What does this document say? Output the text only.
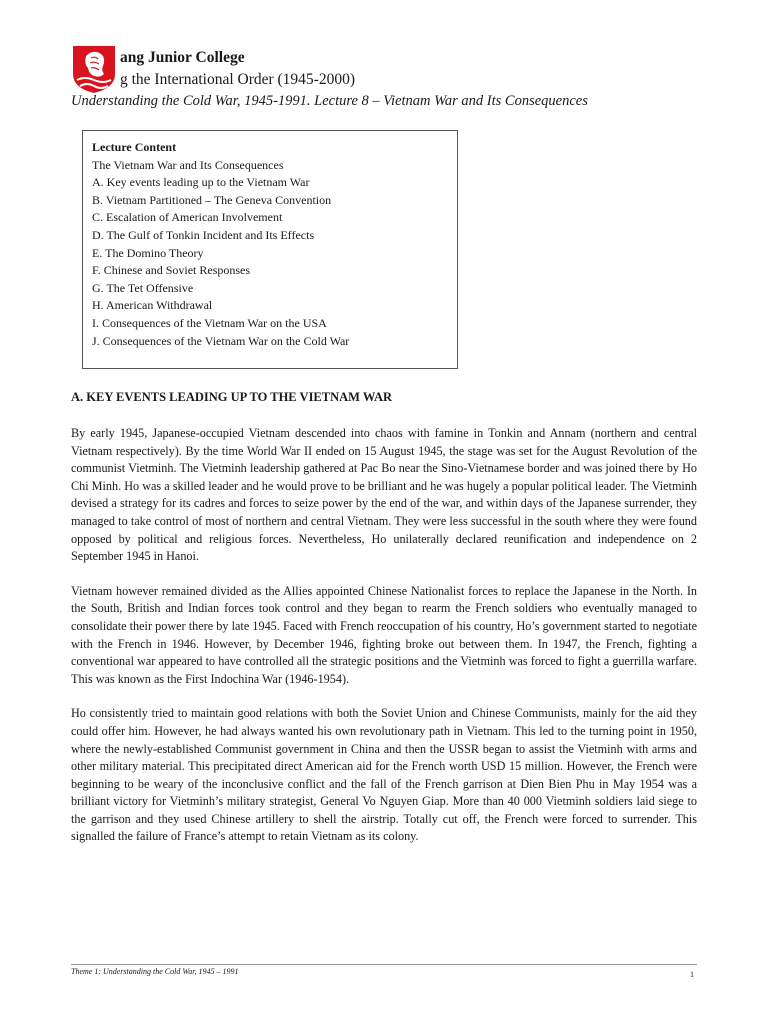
ang Junior College
g the International Order (1945-2000)
Understanding the Cold War, 1945-1991. Lecture 8 – Vietnam War and Its Consequences
Lecture Content
The Vietnam War and Its Consequences
A. Key events leading up to the Vietnam War
B. Vietnam Partitioned – The Geneva Convention
C. Escalation of American Involvement
D. The Gulf of Tonkin Incident and Its Effects
E. The Domino Theory
F. Chinese and Soviet Responses
G. The Tet Offensive
H. American Withdrawal
I. Consequences of the Vietnam War on the USA
J. Consequences of the Vietnam War on the Cold War
A. KEY EVENTS LEADING UP TO THE VIETNAM WAR

By early 1945, Japanese-occupied Vietnam descended into chaos with famine in Tonkin and Annam (northern and central Vietnam respectively). By the time World War II ended on 15 August 1945, the stage was set for the August Revolution of the communist Vietminh. The Vietminh leadership gathered at Pac Bo near the Sino-Vietnamese border and was joined there by Ho Chi Minh. Ho was a skilled leader and he would prove to be brilliant and he was hugely a popular political leader. The Vietminh devised a strategy for its cadres and forces to seize power by the end of the war, and within days of the Japanese surrender, they managed to take control of most of northern and central Vietnam. They were less successful in the south where they were found opposed by political and religious forces. Nevertheless, Ho unilaterally declared reunification and independence on 2 September 1945 in Hanoi.

Vietnam however remained divided as the Allies appointed Chinese Nationalist forces to replace the Japanese in the North. In the South, British and Indian forces took control and they began to rearm the French soldiers who eventually managed to consolidate their power there by late 1945. Faced with French reoccupation of his country, Ho’s government started to negotiate with the French in 1946. However, by December 1946, fighting broke out between them. In 1947, the French, fighting a conventional war appeared to have controlled all the strategic positions and the Vietminh was forced to fight a guerrilla warfare. This was known as the First Indochina War (1946-1954).

Ho consistently tried to maintain good relations with both the Soviet Union and Chinese Communists, mainly for the aid they could offer him. However, he had always wanted his own revolutionary path in Vietnam. This led to the turning point in 1950, where the newly-established Communist government in China and then the USSR began to assist the Vietminh with arms and other military material. This precipitated direct American aid for the French worth USD 15 million. However, the French were beginning to be weary of the inconclusive conflict and the fall of the French garrison at Dien Bien Phu in May 1954 was a brilliant victory for Vietminh’s military strategist, General Vo Nguyen Giap. More than 40 000 Vietminh soldiers laid siege to the garrison and they used Chinese artillery to shell the airstrip. Totally cut off, the French were forced to surrender. This signalled the failure of France’s attempt to retain Vietnam as its colony.

Theme 1: Understanding the Cold War, 1945 – 1991	1
